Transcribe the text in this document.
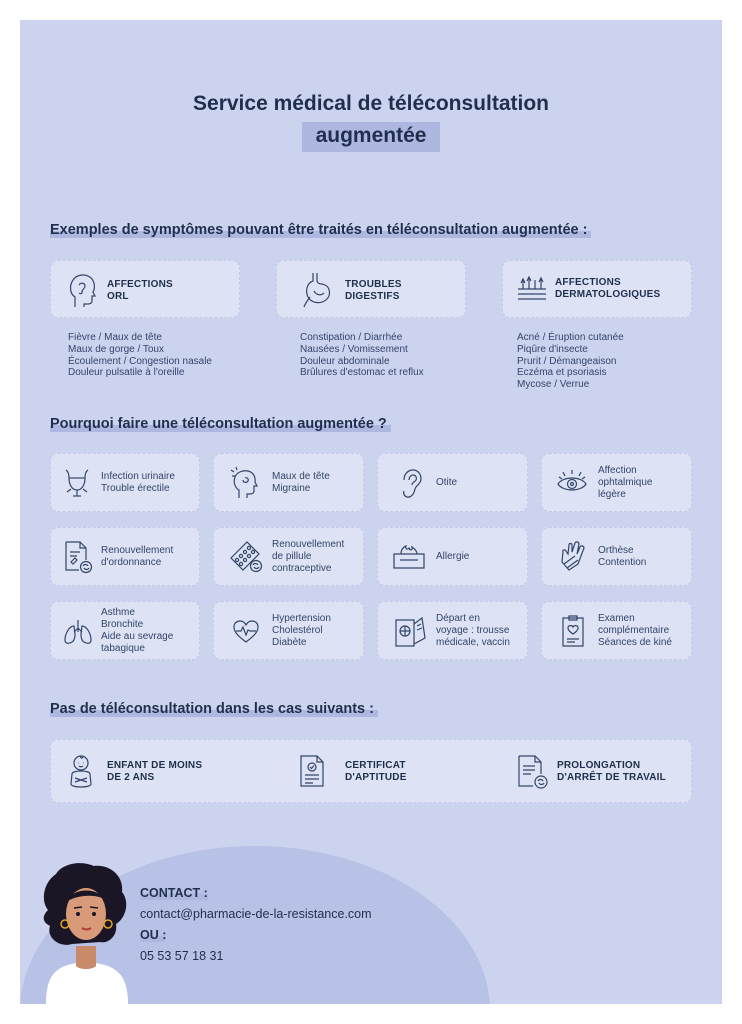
Service médical de téléconsultation
augmentée
Exemples de symptômes pouvant être traités en téléconsultation augmentée :
AFFECTIONS
ORL
TROUBLES
DIGESTIFS
AFFECTIONS
DERMATOLOGIQUES
Fièvre / Maux de tête
Maux de gorge / Toux
Écoulement / Congestion nasale
Douleur pulsatile à l'oreille
Constipation / Diarrhée
Nausées / Vomissement
Douleur abdominale
Brûlures d'estomac et reflux
Acné / Éruption cutanée
Piqûre d'insecte
Prurit / Démangeaison
Eczéma et psoriasis
Mycose / Verrue
Pourquoi faire une téléconsultation augmentée ?
Infection urinaire
Trouble érectile
Maux de tête
Migraine
Otite
Affection
ophtalmique
légère
Renouvellement
d'ordonnance
Renouvellement
de pillule
contraceptive
Allergie
Orthèse
Contention
Asthme
Bronchite
Aide au sevrage
tabagique
Hypertension
Cholestérol
Diabète
Départ en
voyage : trousse
médicale, vaccin
Examen
complémentaire
Séances de kiné
Pas de téléconsultation dans les cas suivants :
ENFANT DE MOINS
DE 2 ANS
CERTIFICAT
D'APTITUDE
PROLONGATION
D'ARRÊT DE TRAVAIL
CONTACT :
contact@pharmacie-de-la-resistance.com
OU :
05 53 57 18 31
